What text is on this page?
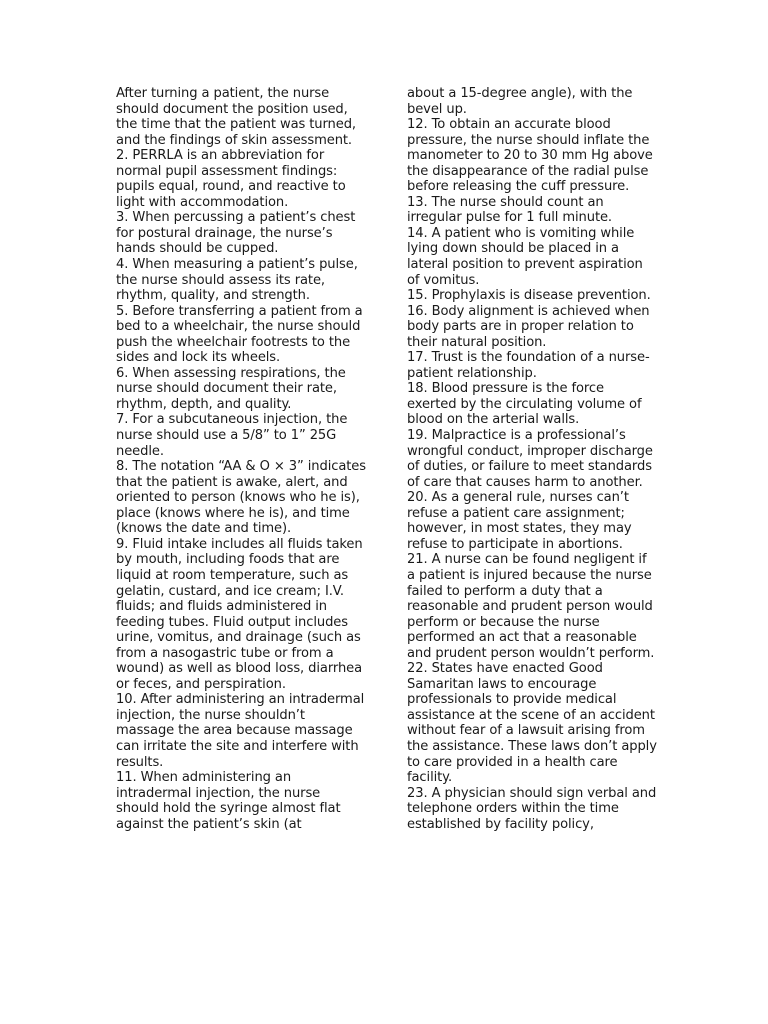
After turning a patient, the nurse should document the position used, the time that the patient was turned, and the findings of skin assessment.

2. PERRLA is an abbreviation for normal pupil assessment findings: pupils equal, round, and reactive to light with accommodation.

3. When percussing a patient’s chest for postural drainage, the nurse’s hands should be cupped.

4. When measuring a patient’s pulse, the nurse should assess its rate, rhythm, quality, and strength.

5. Before transferring a patient from a bed to a wheelchair, the nurse should push the wheelchair footrests to the sides and lock its wheels.

6. When assessing respirations, the nurse should document their rate, rhythm, depth, and quality.

7. For a subcutaneous injection, the nurse should use a 5/8” to 1” 25G needle.

8. The notation “AA & O × 3” indicates that the patient is awake, alert, and oriented to person (knows who he is), place (knows where he is), and time (knows the date and time).

9. Fluid intake includes all fluids taken by mouth, including foods that are liquid at room temperature, such as gelatin, custard, and ice cream; I.V. fluids; and fluids administered in feeding tubes. Fluid output includes urine, vomitus, and drainage (such as from a nasogastric tube or from a wound) as well as blood loss, diarrhea or feces, and perspiration.

10. After administering an intradermal injection, the nurse shouldn’t massage the area because massage can irritate the site and interfere with results.

11. When administering an intradermal injection, the nurse should hold the syringe almost flat against the patient’s skin (at

about a 15-degree angle), with the bevel up.

12. To obtain an accurate blood pressure, the nurse should inflate the manometer to 20 to 30 mm Hg above the disappearance of the radial pulse before releasing the cuff pressure.

13. The nurse should count an irregular pulse for 1 full minute.

14. A patient who is vomiting while lying down should be placed in a lateral position to prevent aspiration of vomitus.

15. Prophylaxis is disease prevention.

16. Body alignment is achieved when body parts are in proper relation to their natural position.

17. Trust is the foundation of a nurse-patient relationship.

18. Blood pressure is the force exerted by the circulating volume of blood on the arterial walls.

19. Malpractice is a professional’s wrongful conduct, improper discharge of duties, or failure to meet standards of care that causes harm to another.

20. As a general rule, nurses can’t refuse a patient care assignment; however, in most states, they may refuse to participate in abortions.

21. A nurse can be found negligent if a patient is injured because the nurse failed to perform a duty that a reasonable and prudent person would perform or because the nurse performed an act that a reasonable and prudent person wouldn’t perform.

22. States have enacted Good Samaritan laws to encourage professionals to provide medical assistance at the scene of an accident without fear of a lawsuit arising from the assistance. These laws don’t apply to care provided in a health care facility.

23. A physician should sign verbal and telephone orders within the time established by facility policy,
